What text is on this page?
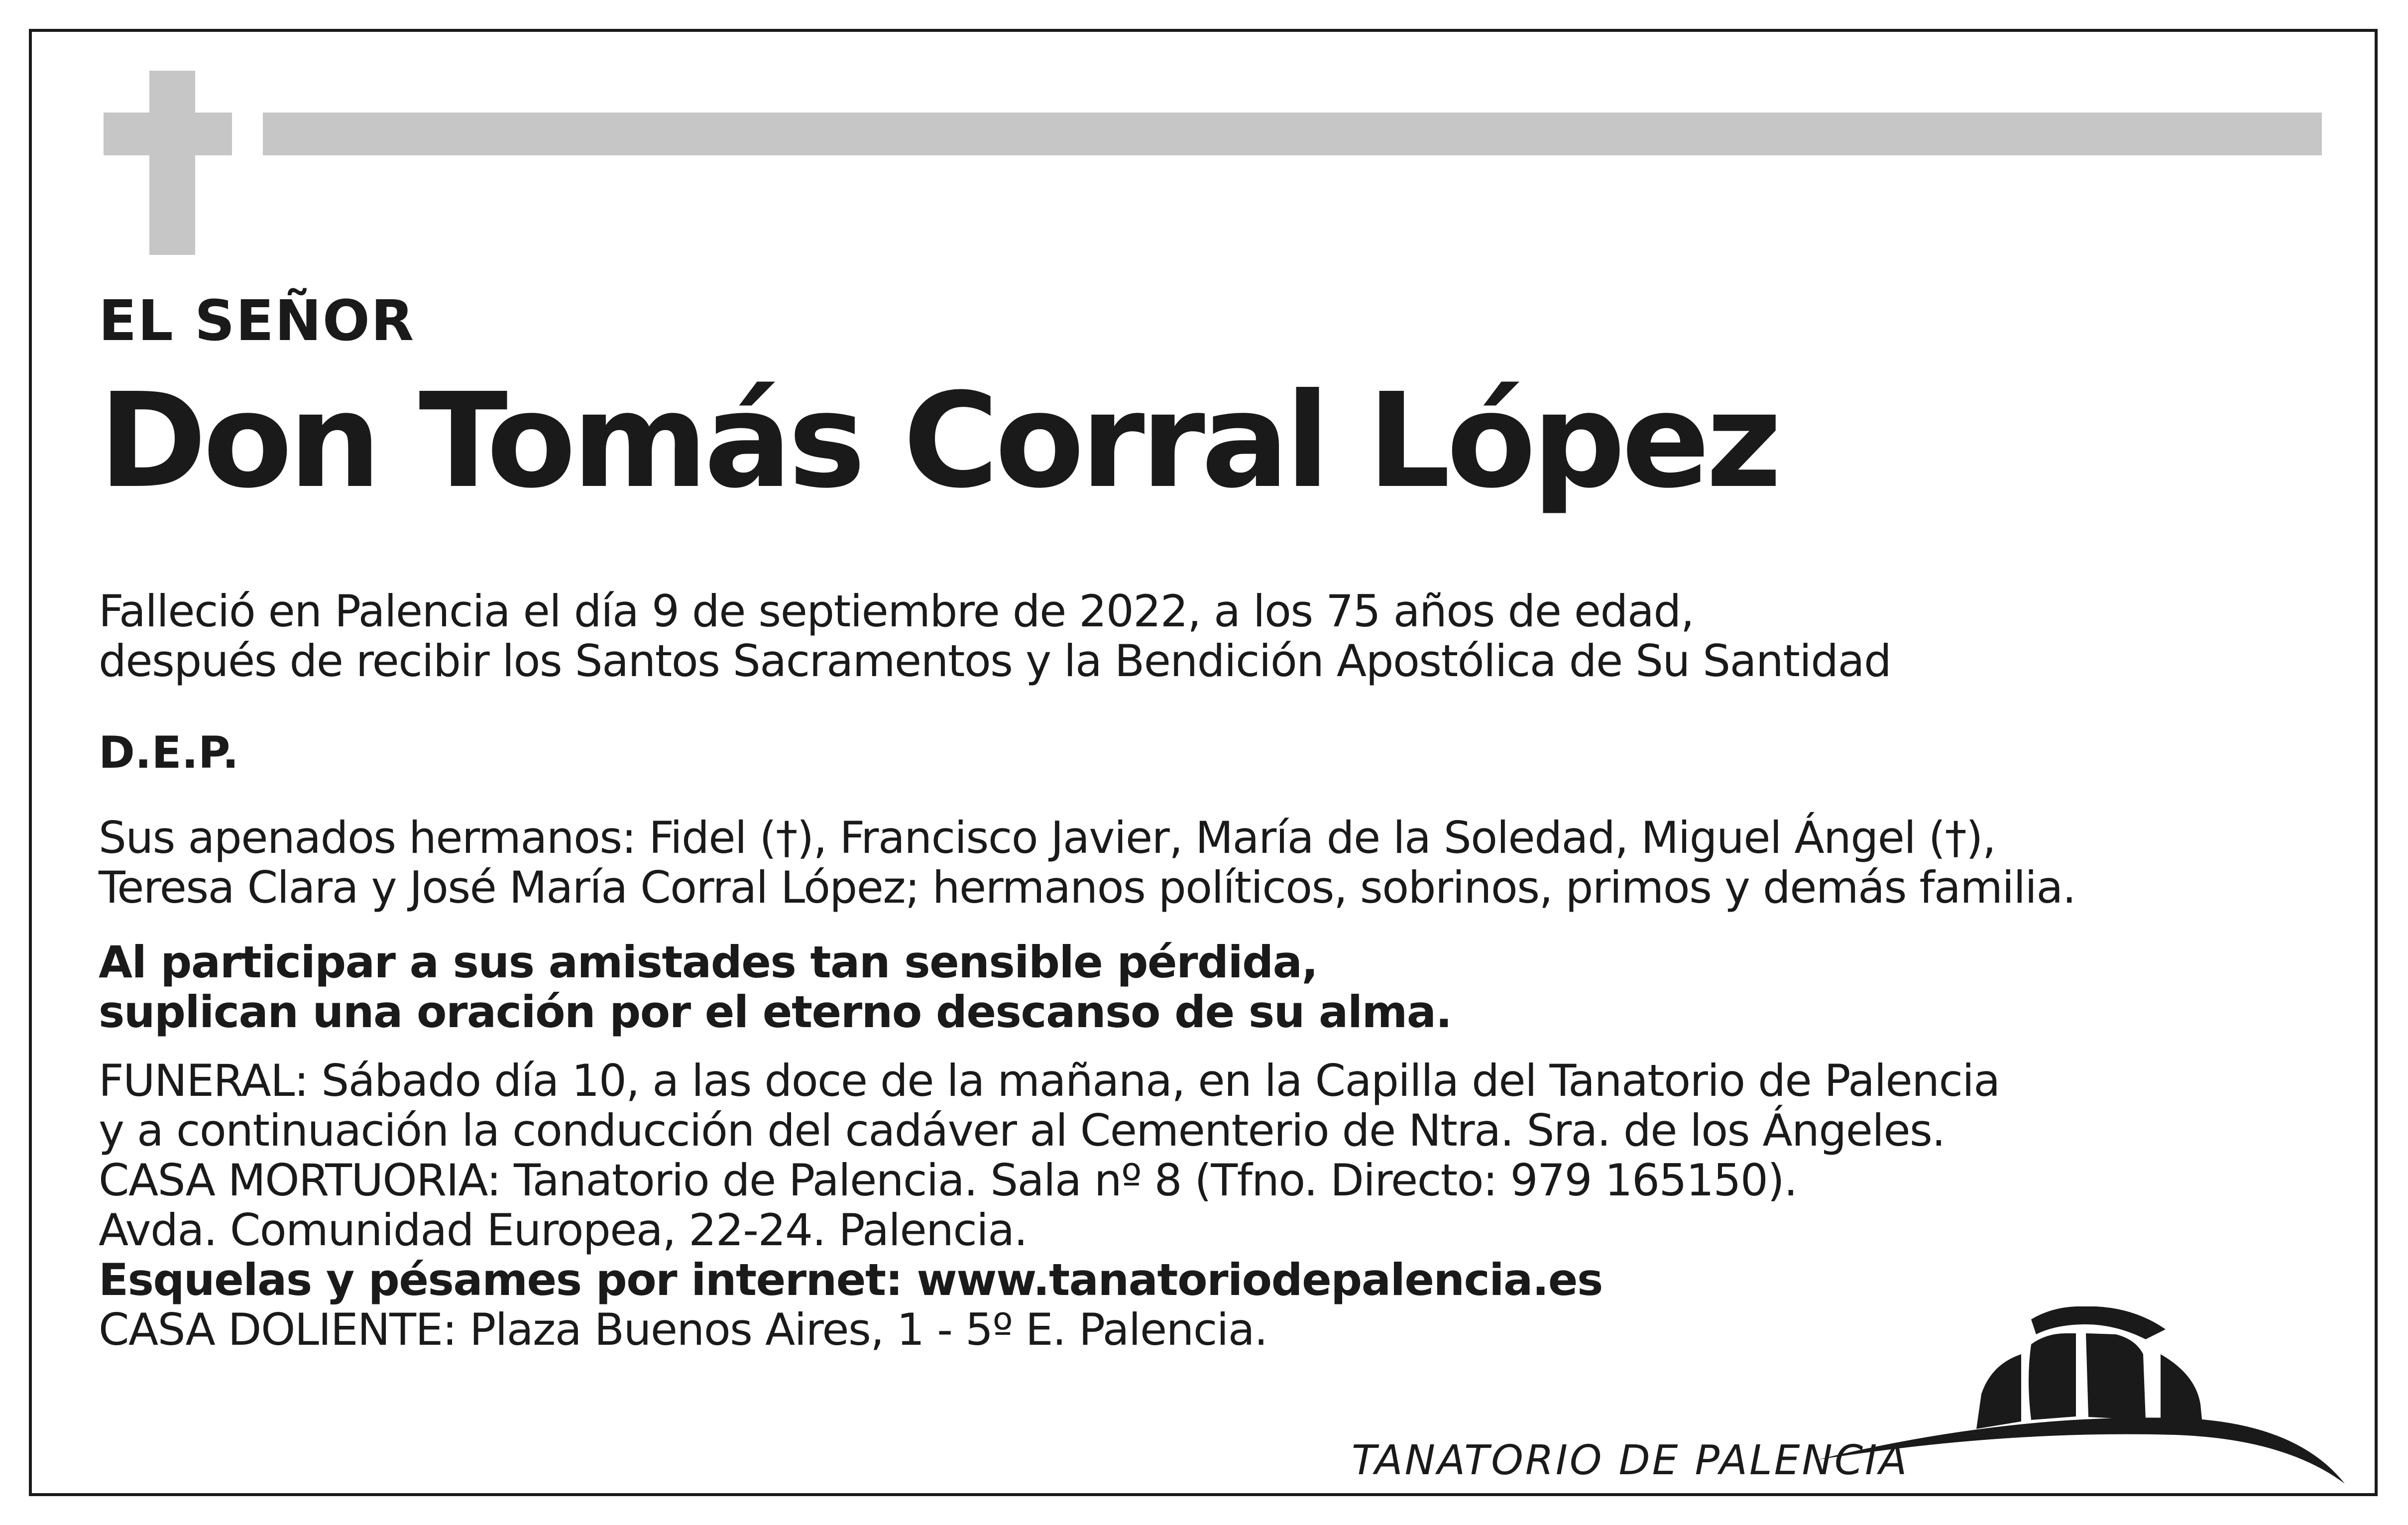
EL SEÑOR

Don Tomás Corral López

Falleció en Palencia el día 9 de septiembre de 2022, a los 75 años de edad,
después de recibir los Santos Sacramentos y la Bendición Apostólica de Su Santidad

D.E.P.

Sus apenados hermanos: Fidel (†), Francisco Javier, María de la Soledad, Miguel Ángel (†),
Teresa Clara y José María Corral López; hermanos políticos, sobrinos, primos y demás familia.
Al participar a sus amistades tan sensible pérdida,
suplican una oración por el eterno descanso de su alma.
FUNERAL: Sábado día 10, a las doce de la mañana, en la Capilla del Tanatorio de Palencia
y a continuación la conducción del cadáver al Cementerio de Ntra. Sra. de los Ángeles.
CASA MORTUORIA: Tanatorio de Palencia. Sala nº 8 (Tfno. Directo: 979 165150).
Avda. Comunidad Europea, 22-24. Palencia.
Esquelas y pésames por internet: www.tanatoriodepalencia.es
CASA DOLIENTE: Plaza Buenos Aires, 1 - 5º E. Palencia.
TANATORIO DE PALENCIA
